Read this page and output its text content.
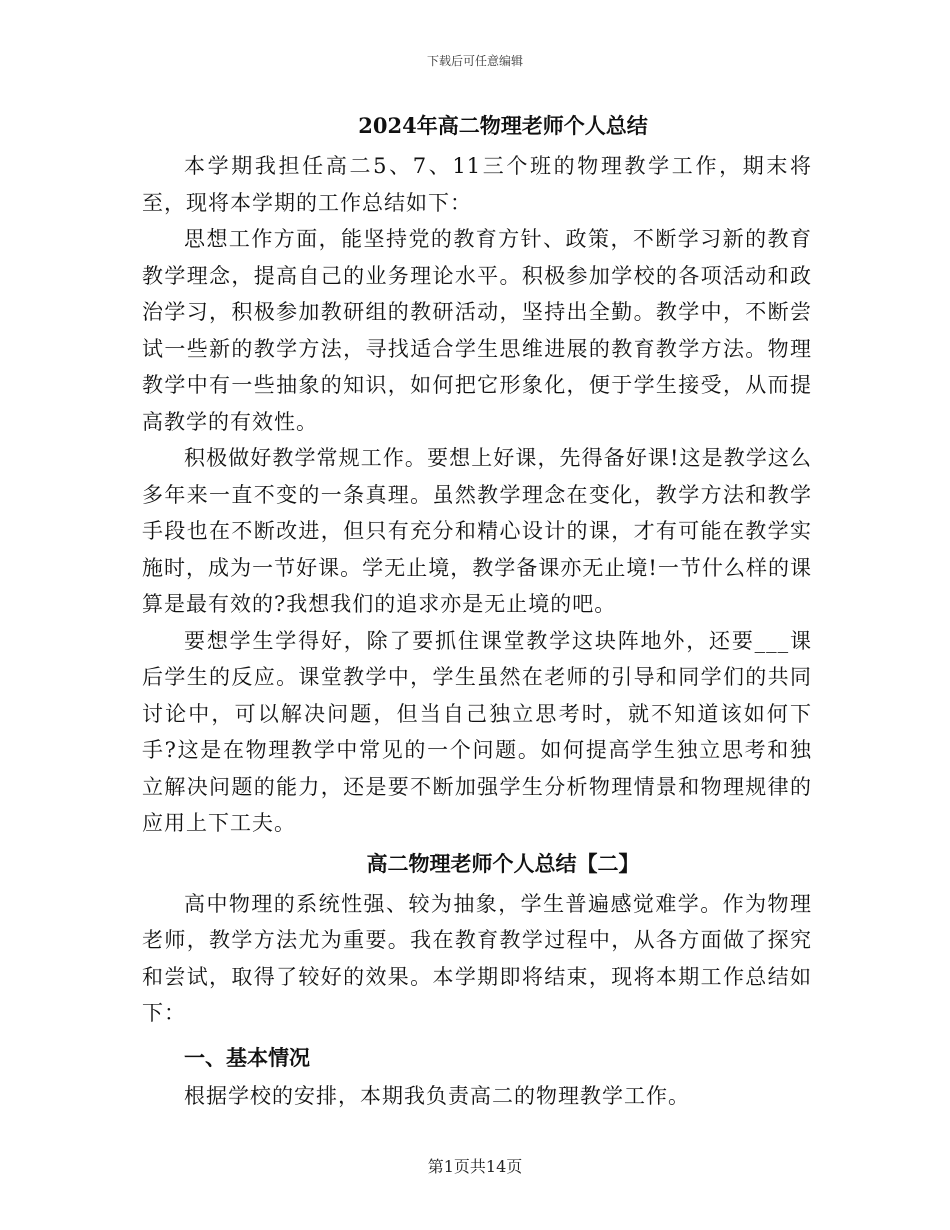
下载后可任意编辑
2024年高二物理老师个人总结

本学期我担任高二5、7、11三个班的物理教学工作，期末将至，现将本学期的工作总结如下：

思想工作方面，能坚持党的教育方针、政策，不断学习新的教育教学理念，提高自己的业务理论水平。积极参加学校的各项活动和政治学习，积极参加教研组的教研活动，坚持出全勤。教学中，不断尝试一些新的教学方法，寻找适合学生思维进展的教育教学方法。物理教学中有一些抽象的知识，如何把它形象化，便于学生接受，从而提高教学的有效性。

积极做好教学常规工作。要想上好课，先得备好课!这是教学这么多年来一直不变的一条真理。虽然教学理念在变化，教学方法和教学手段也在不断改进，但只有充分和精心设计的课，才有可能在教学实施时，成为一节好课。学无止境，教学备课亦无止境!一节什么样的课算是最有效的?我想我们的追求亦是无止境的吧。

要想学生学得好，除了要抓住课堂教学这块阵地外，还要___课后学生的反应。课堂教学中，学生虽然在老师的引导和同学们的共同讨论中，可以解决问题，但当自己独立思考时，就不知道该如何下手?这是在物理教学中常见的一个问题。如何提高学生独立思考和独立解决问题的能力，还是要不断加强学生分析物理情景和物理规律的应用上下工夫。

高二物理老师个人总结【二】

高中物理的系统性强、较为抽象，学生普遍感觉难学。作为物理老师，教学方法尤为重要。我在教育教学过程中，从各方面做了探究和尝试，取得了较好的效果。本学期即将结束，现将本期工作总结如下：

一、基本情况

根据学校的安排，本期我负责高二的物理教学工作。

第1页共14页
